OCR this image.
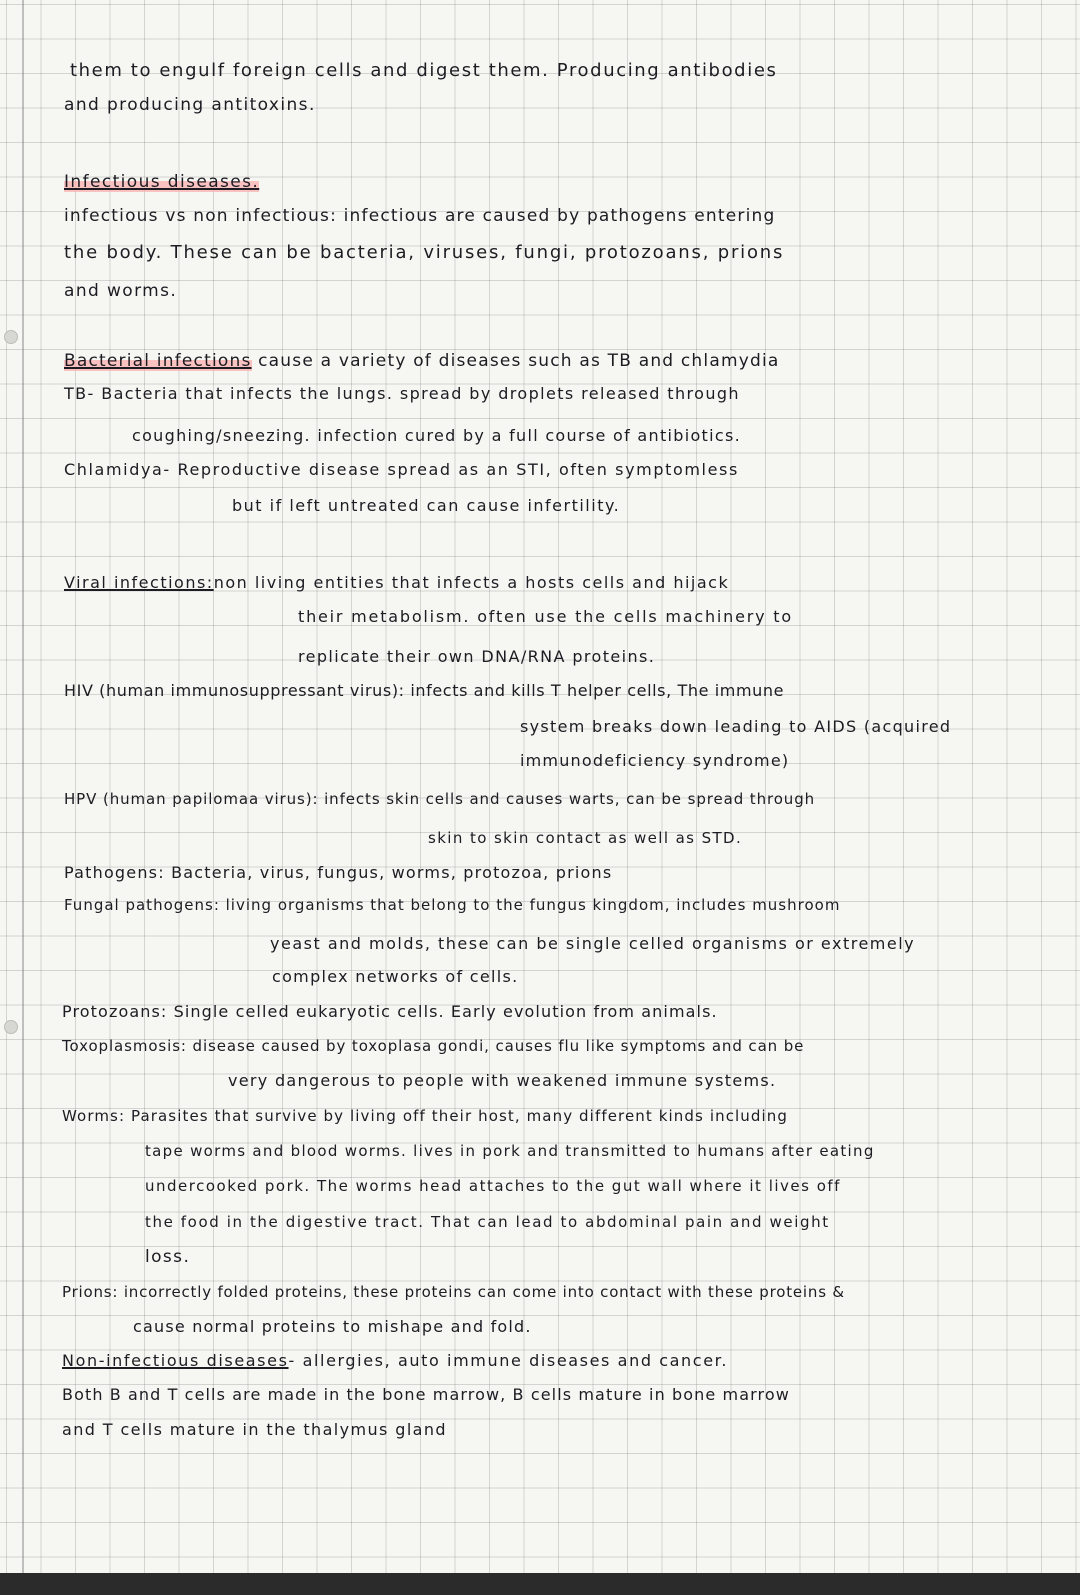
them to engulf foreign cells and digest them. Producing antibodies
and producing antitoxins.
Infectious diseases.
infectious vs non infectious: infectious are caused by pathogens entering
the body. These can be bacteria, viruses, fungi, protozoans, prions
and worms.
Bacterial infections cause a variety of diseases such as TB and chlamydia
TB- Bacteria that infects the lungs. spread by droplets released through
coughing/sneezing. infection cured by a full course of antibiotics.
Chlamidya- Reproductive disease spread as an STI, often symptomless
but if left untreated can cause infertility.
Viral infections:non living entities that infects a hosts cells and hijack
their metabolism. often use the cells machinery to
replicate their own DNA/RNA proteins.
HIV (human immunosuppressant virus): infects and kills T helper cells, The immune
system breaks down leading to AIDS (acquired
immunodeficiency syndrome)
HPV (human papilomaa virus): infects skin cells and causes warts, can be spread through
skin to skin contact as well as STD.
Pathogens: Bacteria, virus, fungus, worms, protozoa, prions
Fungal pathogens: living organisms that belong to the fungus kingdom, includes mushroom
yeast and molds, these can be single celled organisms or extremely
complex networks of cells.
Protozoans: Single celled eukaryotic cells. Early evolution from animals.
Toxoplasmosis: disease caused by toxoplasa gondi, causes flu like symptoms and can be
very dangerous to people with weakened immune systems.
Worms: Parasites that survive by living off their host, many different kinds including
tape worms and blood worms. lives in pork and transmitted to humans after eating
undercooked pork. The worms head attaches to the gut wall where it lives off
the food in the digestive tract. That can lead to abdominal pain and weight
loss.
Prions: incorrectly folded proteins, these proteins can come into contact with these proteins &
cause normal proteins to mishape and fold.
Non-infectious diseases- allergies, auto immune diseases and cancer.
Both B and T cells are made in the bone marrow, B cells mature in bone marrow
and T cells mature in the thalymus gland
